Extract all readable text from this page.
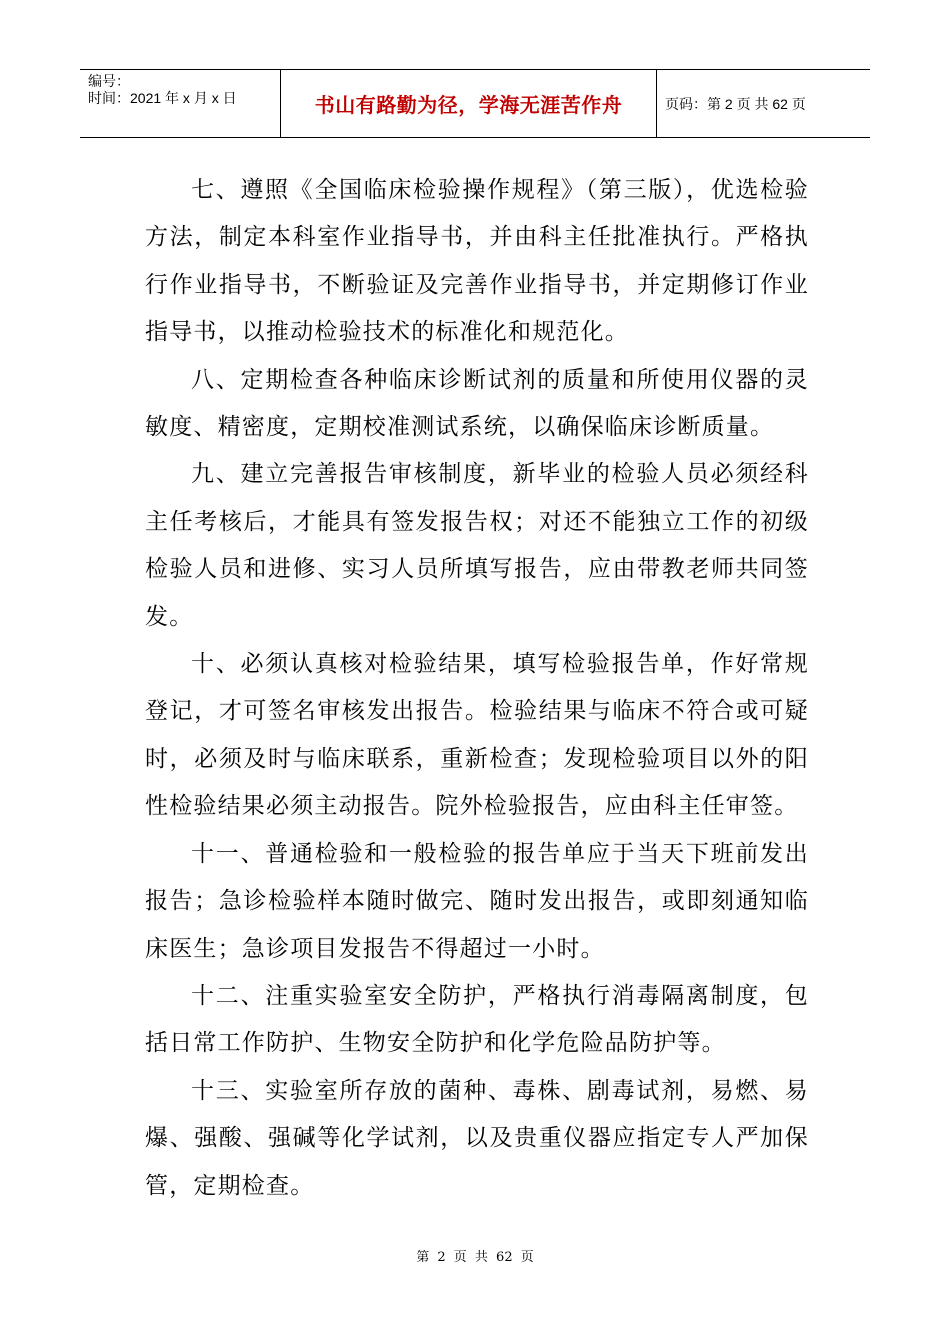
编号：
时间：2021 年 x 月 x 日	书山有路勤为径，学海无涯苦作舟	页码：第 2 页 共 62 页

七、遵照《全国临床检验操作规程》（第三版），优选检验方法，制定本科室作业指导书，并由科主任批准执行。严格执行作业指导书，不断验证及完善作业指导书，并定期修订作业指导书，以推动检验技术的标准化和规范化。

八、定期检查各种临床诊断试剂的质量和所使用仪器的灵敏度、精密度，定期校准测试系统，以确保临床诊断质量。

九、建立完善报告审核制度，新毕业的检验人员必须经科主任考核后，才能具有签发报告权；对还不能独立工作的初级检验人员和进修、实习人员所填写报告，应由带教老师共同签发。

十、必须认真核对检验结果，填写检验报告单，作好常规登记，才可签名审核发出报告。检验结果与临床不符合或可疑时，必须及时与临床联系，重新检查；发现检验项目以外的阳性检验结果必须主动报告。院外检验报告，应由科主任审签。

十一、普通检验和一般检验的报告单应于当天下班前发出报告；急诊检验样本随时做完、随时发出报告，或即刻通知临床医生；急诊项目发报告不得超过一小时。

十二、注重实验室安全防护，严格执行消毒隔离制度，包括日常工作防护、生物安全防护和化学危险品防护等。

十三、实验室所存放的菌种、毒株、剧毒试剂，易燃、易爆、强酸、强碱等化学试剂，以及贵重仪器应指定专人严加保管，定期检查。

第 2 页 共 62 页
